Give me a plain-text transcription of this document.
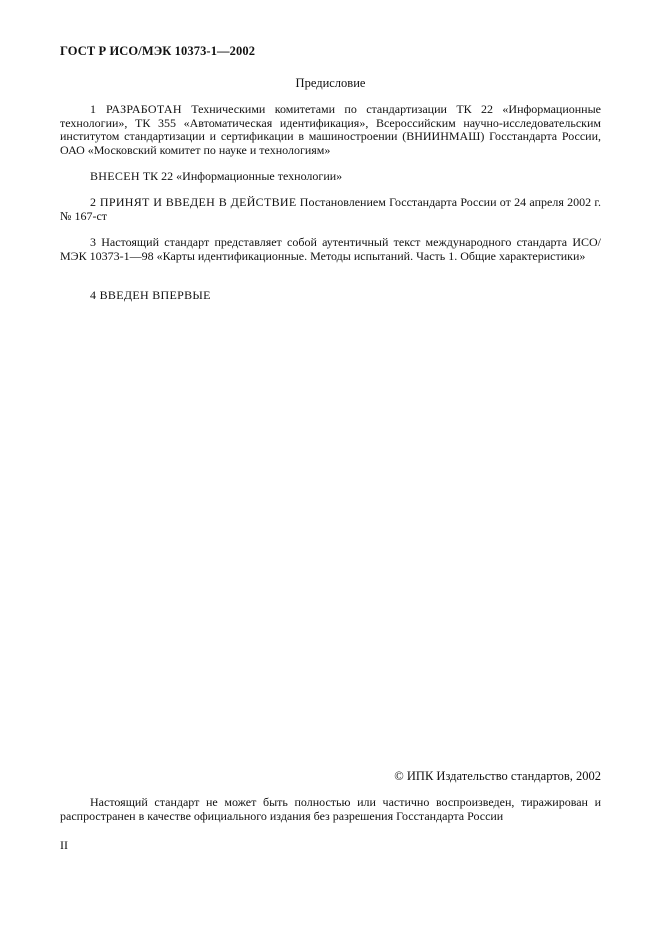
ГОСТ Р ИСО/МЭК 10373-1—2002
Предисловие

1 РАЗРАБОТАН Техническими комитетами по стандартизации ТК 22 «Информационные технологии», ТК 355 «Автоматическая идентификация», Всероссийским научно-исследовательским институтом стандартизации и сертификации в машиностроении (ВНИИНМАШ) Госстандарта России, ОАО «Московский комитет по науке и технологиям»

ВНЕСЕН ТК 22 «Информационные технологии»

2 ПРИНЯТ И ВВЕДЕН В ДЕЙСТВИЕ Постановлением Госстандарта России от 24 апреля 2002 г. № 167-ст

3 Настоящий стандарт представляет собой аутентичный текст международного стандарта ИСО/МЭК 10373-1—98 «Карты идентификационные. Методы испытаний. Часть 1. Общие характеристики»

4 ВВЕДЕН ВПЕРВЫЕ

© ИПК Издательство стандартов, 2002

Настоящий стандарт не может быть полностью или частично воспроизведен, тиражирован и распространен в качестве официального издания без разрешения Госстандарта России

II
